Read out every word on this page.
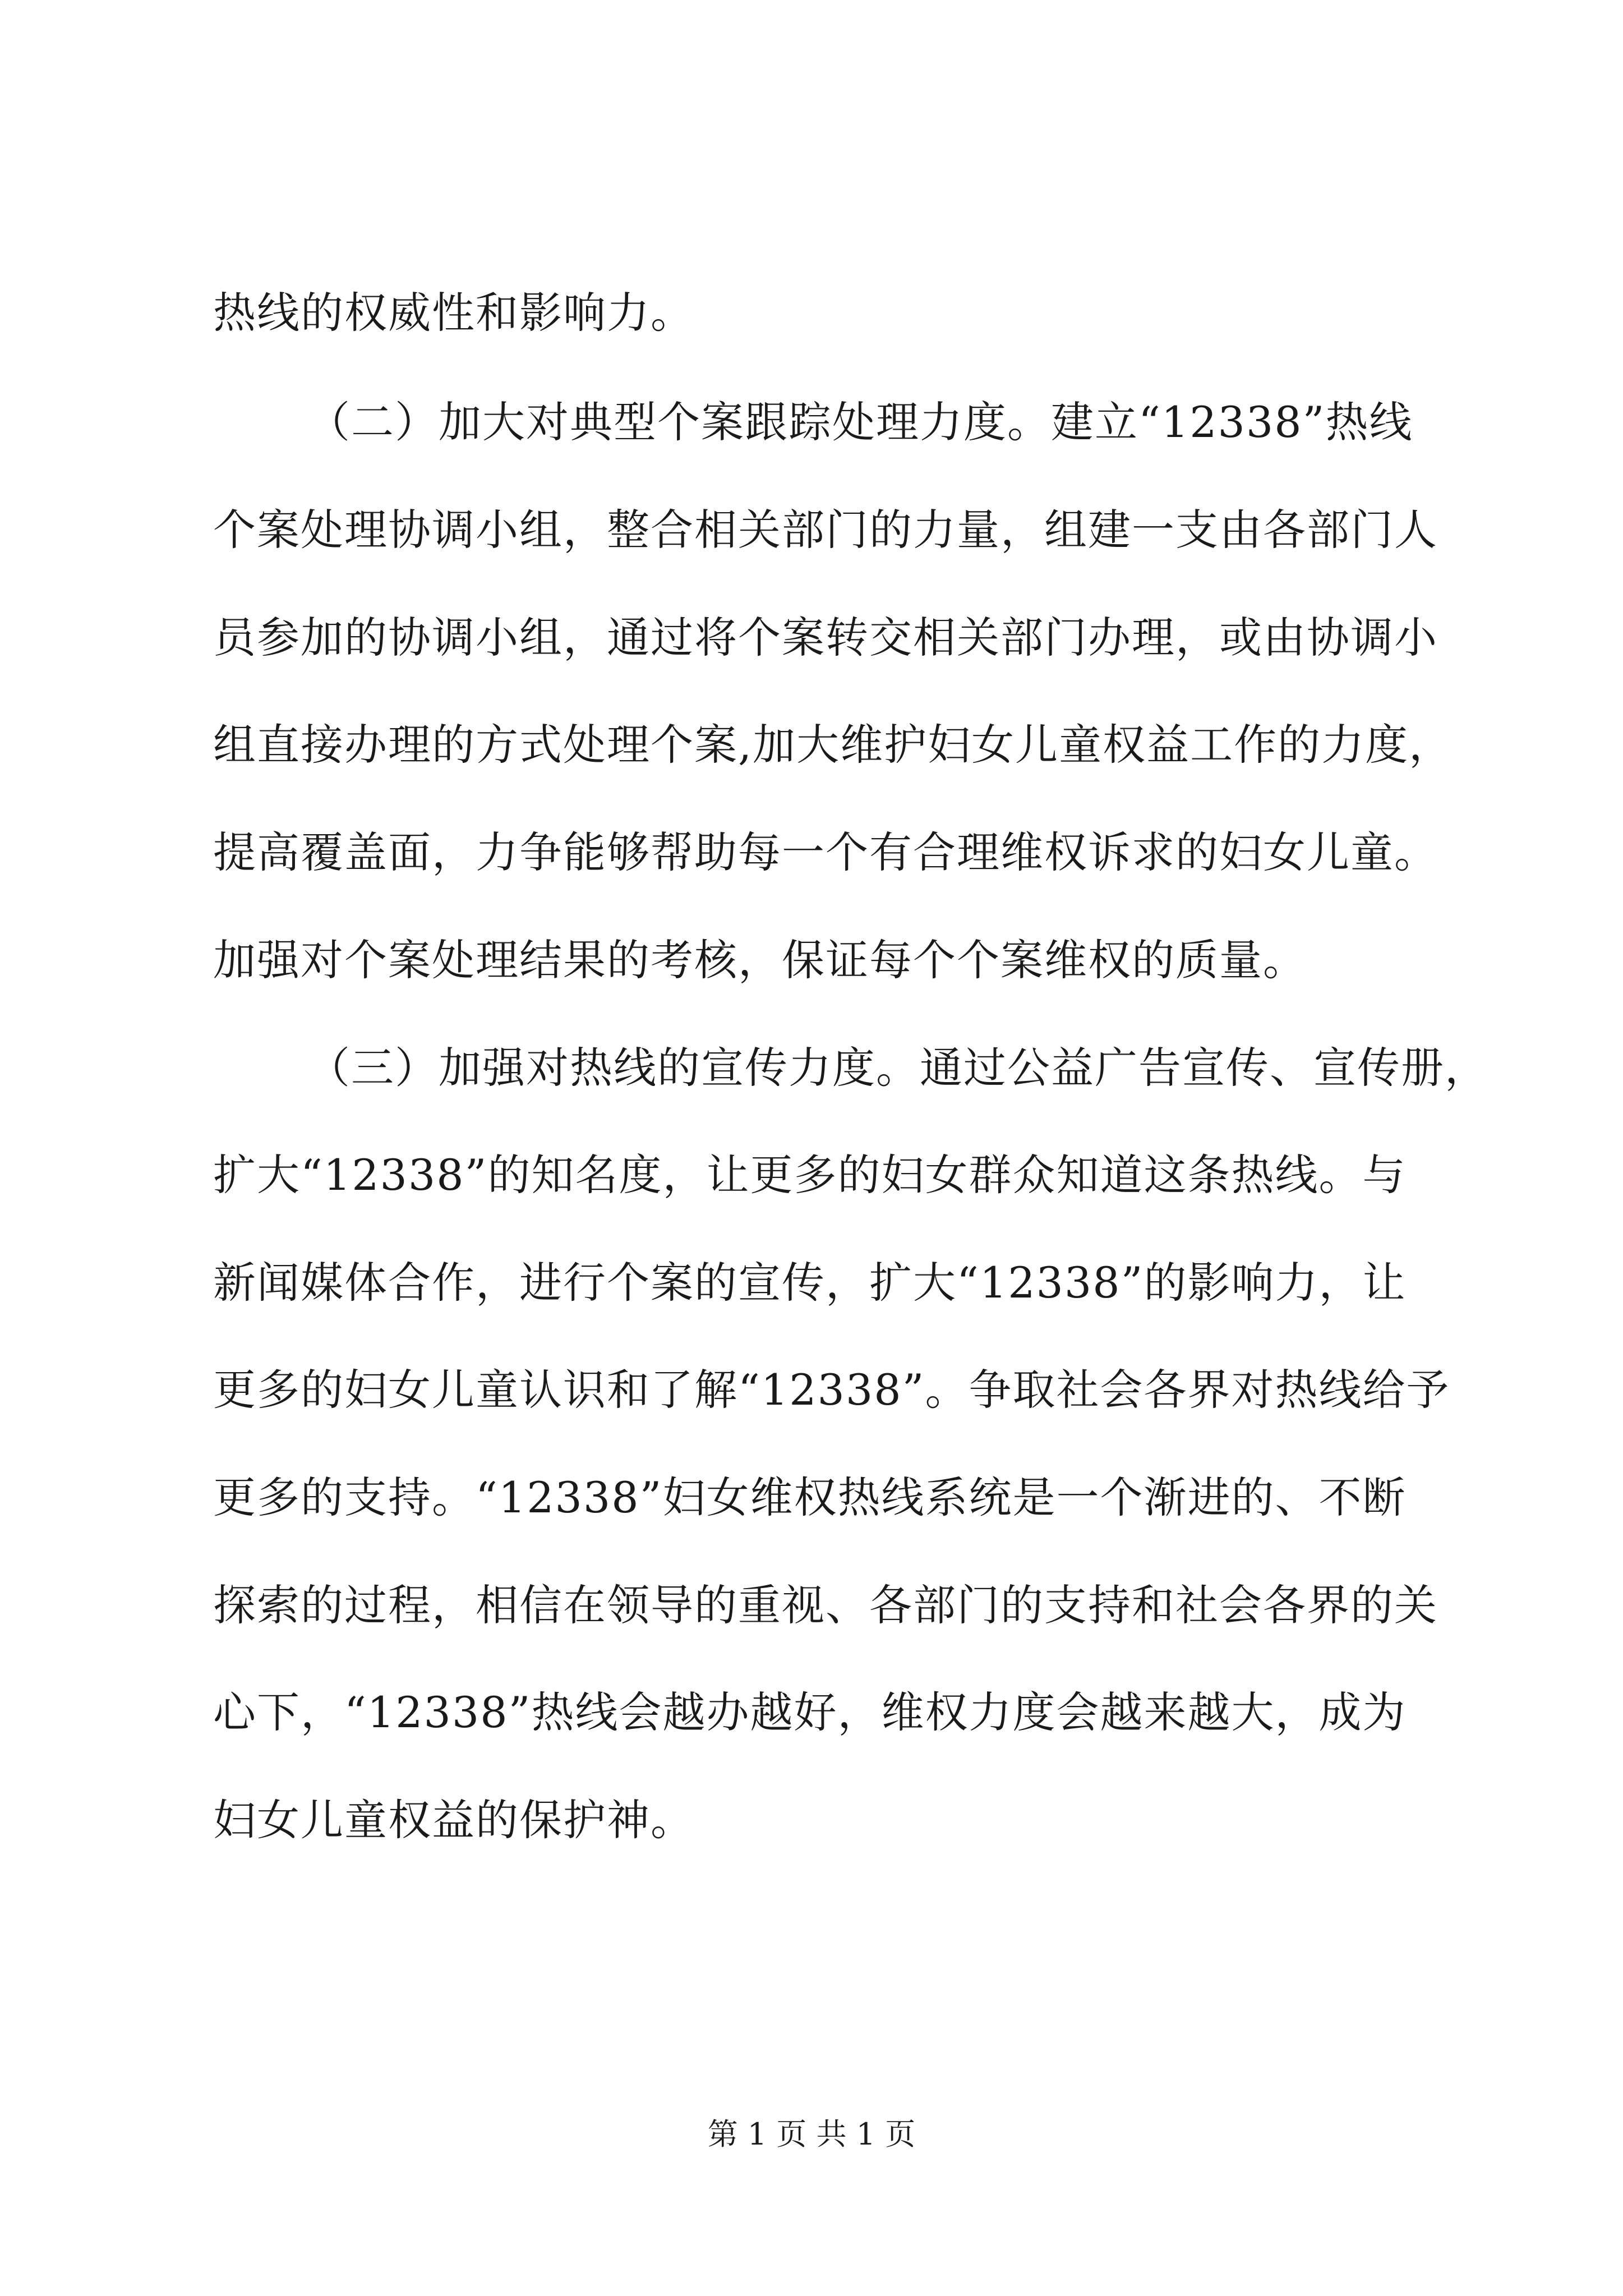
热线的权威性和影响力。
（二）加大对典型个案跟踪处理力度。建立“12338”热线
个案处理协调小组，整合相关部门的力量，组建一支由各部门人
员参加的协调小组，通过将个案转交相关部门办理，或由协调小
组直接办理的方式处理个案,加大维护妇女儿童权益工作的力度，
提高覆盖面，力争能够帮助每一个有合理维权诉求的妇女儿童。
加强对个案处理结果的考核，保证每个个案维权的质量。
（三）加强对热线的宣传力度。通过公益广告宣传、宣传册，
扩大“12338”的知名度，让更多的妇女群众知道这条热线。与
新闻媒体合作，进行个案的宣传，扩大“12338”的影响力，让
更多的妇女儿童认识和了解“12338”。争取社会各界对热线给予
更多的支持。“12338”妇女维权热线系统是一个渐进的、不断
探索的过程，相信在领导的重视、各部门的支持和社会各界的关
心下，“12338”热线会越办越好，维权力度会越来越大，成为
妇女儿童权益的保护神。
第 1 页 共 1 页
